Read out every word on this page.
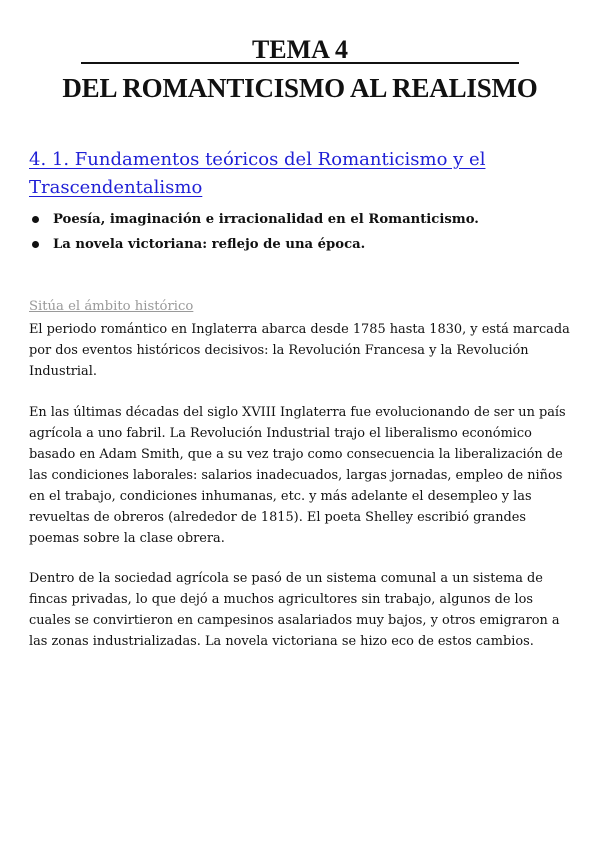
TEMA 4
DEL ROMANTICISMO AL REALISMO
4. 1. Fundamentos teóricos del Romanticismo y el Trascendentalismo
Poesía, imaginación e irracionalidad en el Romanticismo.
La novela victoriana: reflejo de una época.
Sitúa el ámbito histórico

El periodo romántico en Inglaterra abarca desde 1785 hasta 1830, y está marcada por dos eventos históricos decisivos: la Revolución Francesa y la Revolución Industrial.

En las últimas décadas del siglo XVIII Inglaterra fue evolucionando de ser un país agrícola a uno fabril. La Revolución Industrial trajo el liberalismo económico basado en Adam Smith, que a su vez trajo como consecuencia la liberalización de las condiciones laborales: salarios inadecuados, largas jornadas, empleo de niños en el trabajo, condiciones inhumanas, etc. y más adelante el desempleo y las revueltas de obreros (alrededor de 1815). El poeta Shelley escribió grandes poemas sobre la clase obrera.

Dentro de la sociedad agrícola se pasó de un sistema comunal a un sistema de fincas privadas, lo que dejó a muchos agricultores sin trabajo, algunos de los cuales se convirtieron en campesinos asalariados muy bajos, y otros emigraron a las zonas industrializadas. La novela victoriana se hizo eco de estos cambios.
